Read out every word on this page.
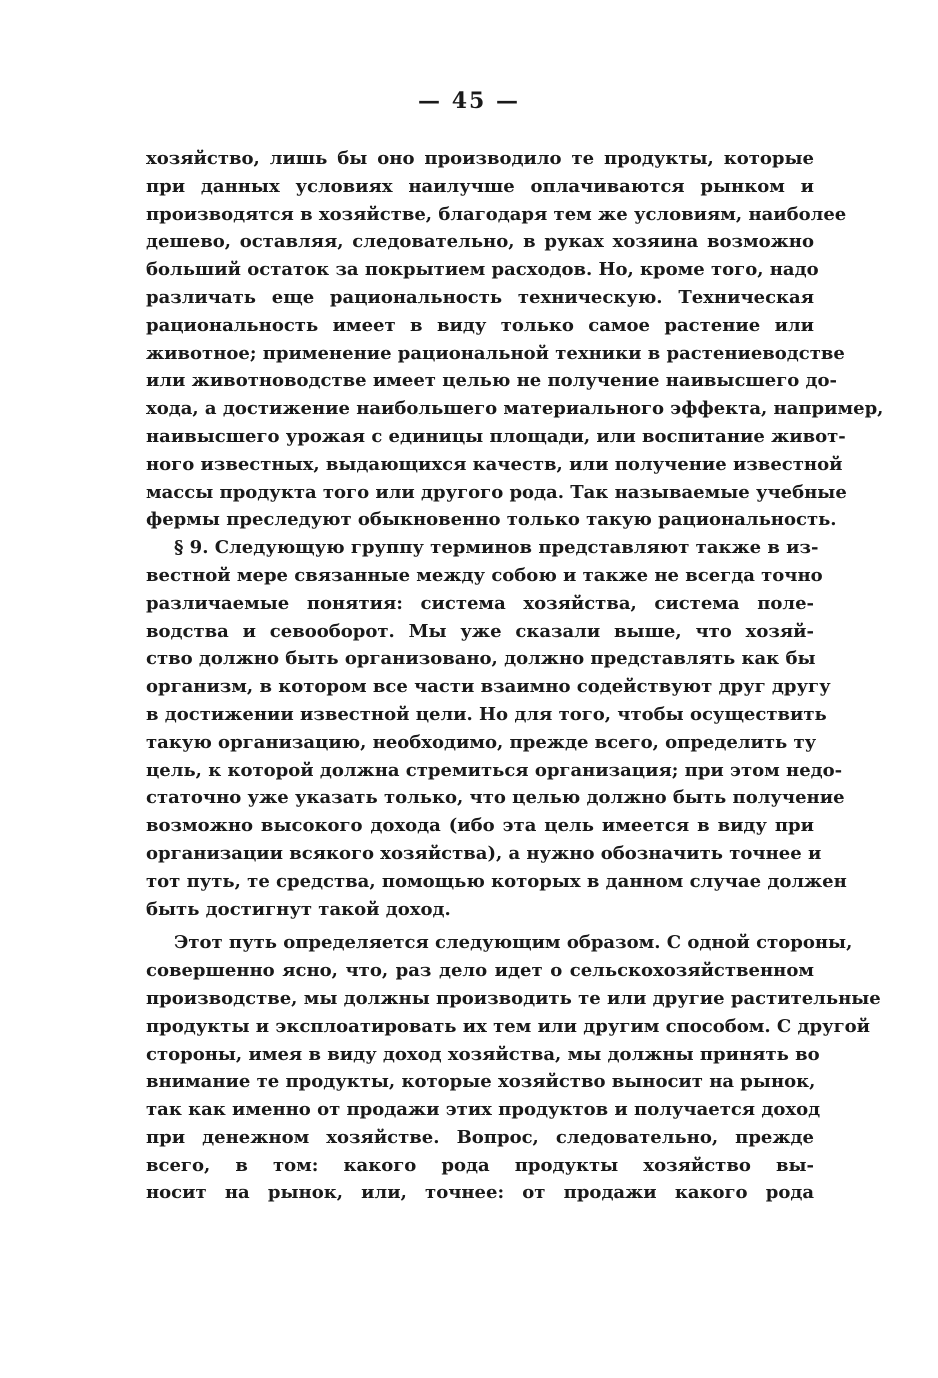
— 45 —
хозяйство, лишь бы оно производило те продукты, которые
при данных условиях наилучше оплачиваются рынком и
производятся в хозяйстве, благодаря тем же условиям, наиболее
дешево, оставляя, следовательно, в руках хозяина возможно
больший остаток за покрытием расходов. Но, кроме того, надо
различать еще рациональность техническую. Техническая
рациональность имеет в виду только самое растение или
животное; применение рациональной техники в растениеводстве
или животноводстве имеет целью не получение наивысшего до-
хода, а достижение наибольшего материального эффекта, например,
наивысшего урожая с единицы площади, или воспитание живот-
ного известных, выдающихся качеств, или получение известной
массы продукта того или другого рода. Так называемые учебные
фермы преследуют обыкновенно только такую рациональность.
§ 9. Следующую группу терминов представляют также в из-
вестной мере связанные между собою и также не всегда точно
различаемые понятия: система хозяйства, система поле-
водства и севооборот. Мы уже сказали выше, что хозяй-
ство должно быть организовано, должно представлять как бы
организм, в котором все части взаимно содействуют друг другу
в достижении известной цели. Но для того, чтобы осуществить
такую организацию, необходимо, прежде всего, определить ту
цель, к которой должна стремиться организация; при этом недо-
статочно уже указать только, что целью должно быть получение
возможно высокого дохода (ибо эта цель имеется в виду при
организации всякого хозяйства), а нужно обозначить точнее и
тот путь, те средства, помощью которых в данном случае должен
быть достигнут такой доход.
Этот путь определяется следующим образом. С одной стороны,
совершенно ясно, что, раз дело идет о сельскохозяйственном
производстве, мы должны производить те или другие растительные
продукты и эксплоатировать их тем или другим способом. С другой
стороны, имея в виду доход хозяйства, мы должны принять во
внимание те продукты, которые хозяйство выносит на рынок,
так как именно от продажи этих продуктов и получается доход
при денежном хозяйстве. Вопрос, следовательно, прежде
всего, в том: какого рода продукты хозяйство вы-
носит на рынок, или, точнее: от продажи какого рода
